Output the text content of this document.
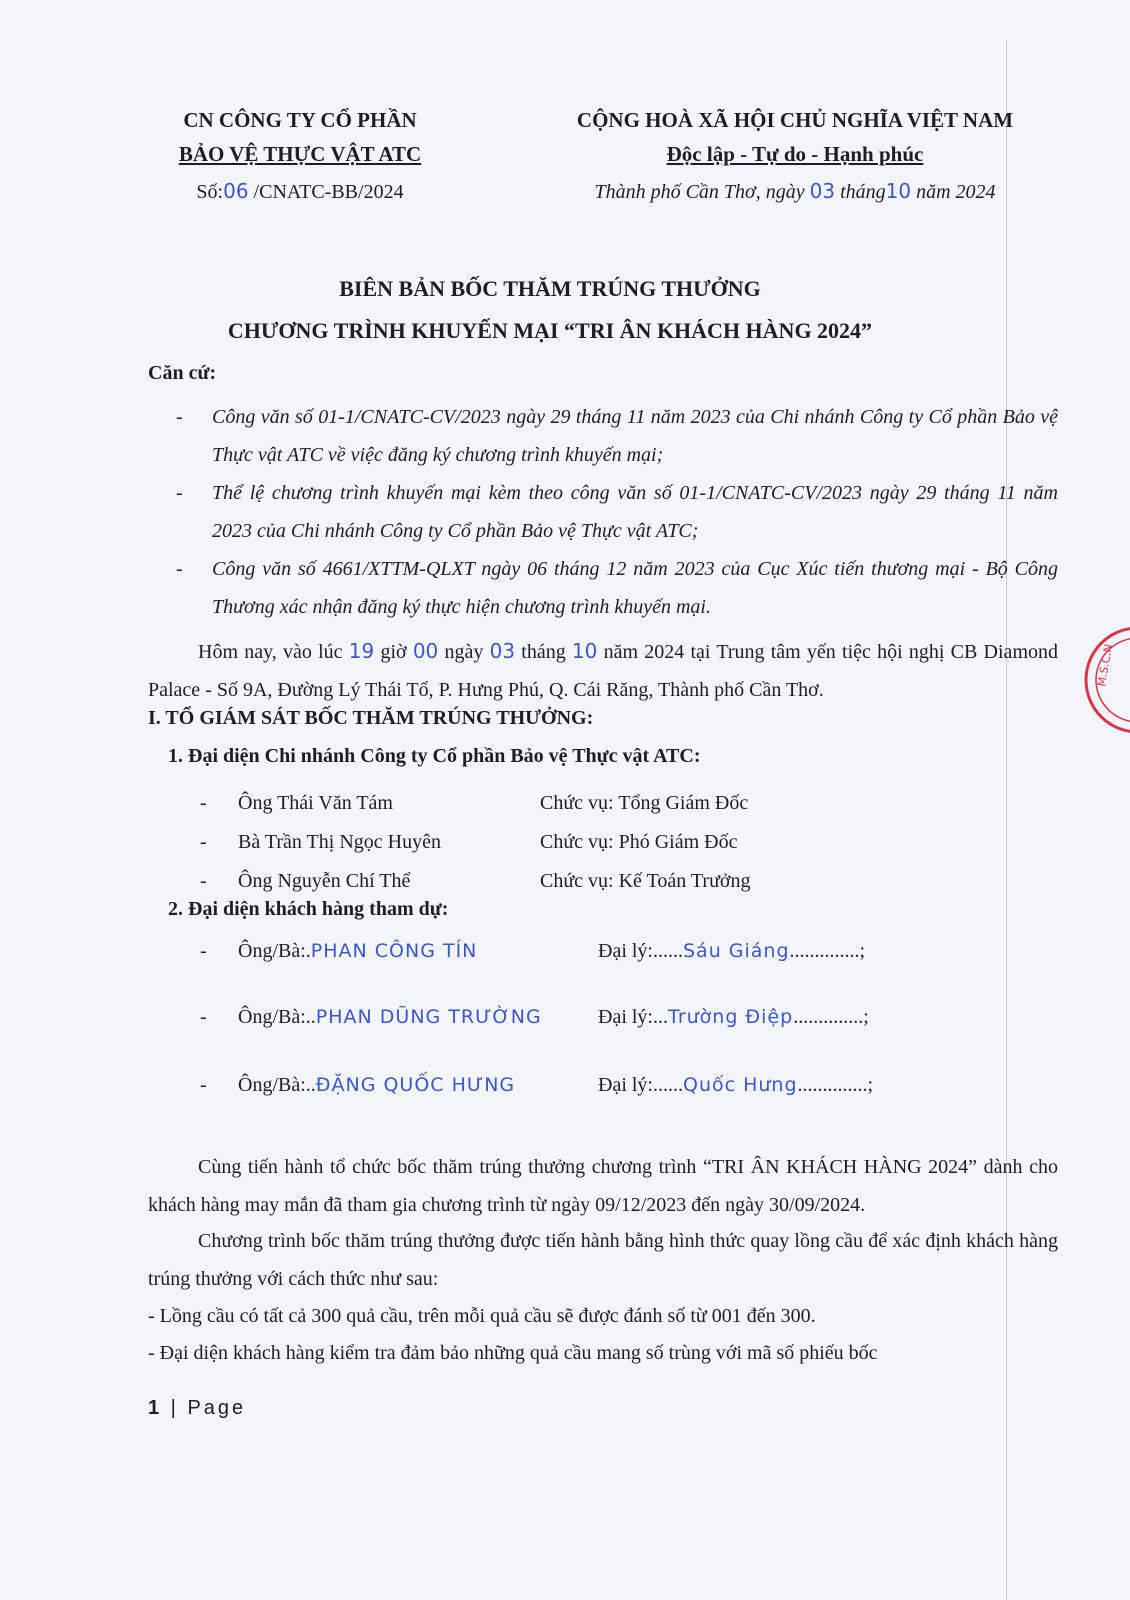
CN CÔNG TY CỔ PHẦN
BẢO VỆ THỰC VẬT ATC
Số:06 /CNATC-BB/2024
CỘNG HOÀ XÃ HỘI CHỦ NGHĨA VIỆT NAM
Độc lập - Tự do - Hạnh phúc
Thành phố Cần Thơ, ngày 03 tháng10 năm 2024
BIÊN BẢN BỐC THĂM TRÚNG THƯỞNG
CHƯƠNG TRÌNH KHUYẾN MẠI “TRI ÂN KHÁCH HÀNG 2024”
Căn cứ:
- Công văn số 01-1/CNATC-CV/2023 ngày 29 tháng 11 năm 2023 của Chi nhánh Công ty Cổ phần Bảo vệ Thực vật ATC về việc đăng ký chương trình khuyến mại;
- Thể lệ chương trình khuyến mại kèm theo công văn số 01-1/CNATC-CV/2023 ngày 29 tháng 11 năm 2023 của Chi nhánh Công ty Cổ phần Bảo vệ Thực vật ATC;
- Công văn số 4661/XTTM-QLXT ngày 06 tháng 12 năm 2023 của Cục Xúc tiến thương mại - Bộ Công Thương xác nhận đăng ký thực hiện chương trình khuyến mại.
Hôm nay, vào lúc 19 giờ 00 ngày 03 tháng 10 năm 2024 tại Trung tâm yến tiệc hội nghị CB Diamond Palace - Số 9A, Đường Lý Thái Tổ, P. Hưng Phú, Q. Cái Răng, Thành phố Cần Thơ.
I. TỔ GIÁM SÁT BỐC THĂM TRÚNG THƯỞNG:
1. Đại diện Chi nhánh Công ty Cổ phần Bảo vệ Thực vật ATC:
- Ông Thái Văn Tám	Chức vụ: Tổng Giám Đốc
- Bà Trần Thị Ngọc Huyên	Chức vụ: Phó Giám Đốc
- Ông Nguyễn Chí Thể	Chức vụ: Kế Toán Trưởng
2. Đại diện khách hàng tham dự:
- Ông/Bà:.PHAN CÔNG TÍN	Đại lý:......Sáu Giáng..............;
- Ông/Bà:..PHAN DŨNG TRƯỜNG	Đại lý:...Trường Điệp..............;
- Ông/Bà:..ĐẶNG QUỐC HƯNG	Đại lý:......Quốc Hưng..............;
Cùng tiến hành tổ chức bốc thăm trúng thưởng chương trình “TRI ÂN KHÁCH HÀNG 2024” dành cho khách hàng may mắn đã tham gia chương trình từ ngày 09/12/2023 đến ngày 30/09/2024.
Chương trình bốc thăm trúng thưởng được tiến hành bằng hình thức quay lồng cầu để xác định khách hàng trúng thưởng với cách thức như sau:
- Lồng cầu có tất cả 300 quả cầu, trên mỗi quả cầu sẽ được đánh số từ 001 đến 300.
- Đại diện khách hàng kiểm tra đảm bảo những quả cầu mang số trùng với mã số phiếu bốc
1 | Page
M.S.C.N
